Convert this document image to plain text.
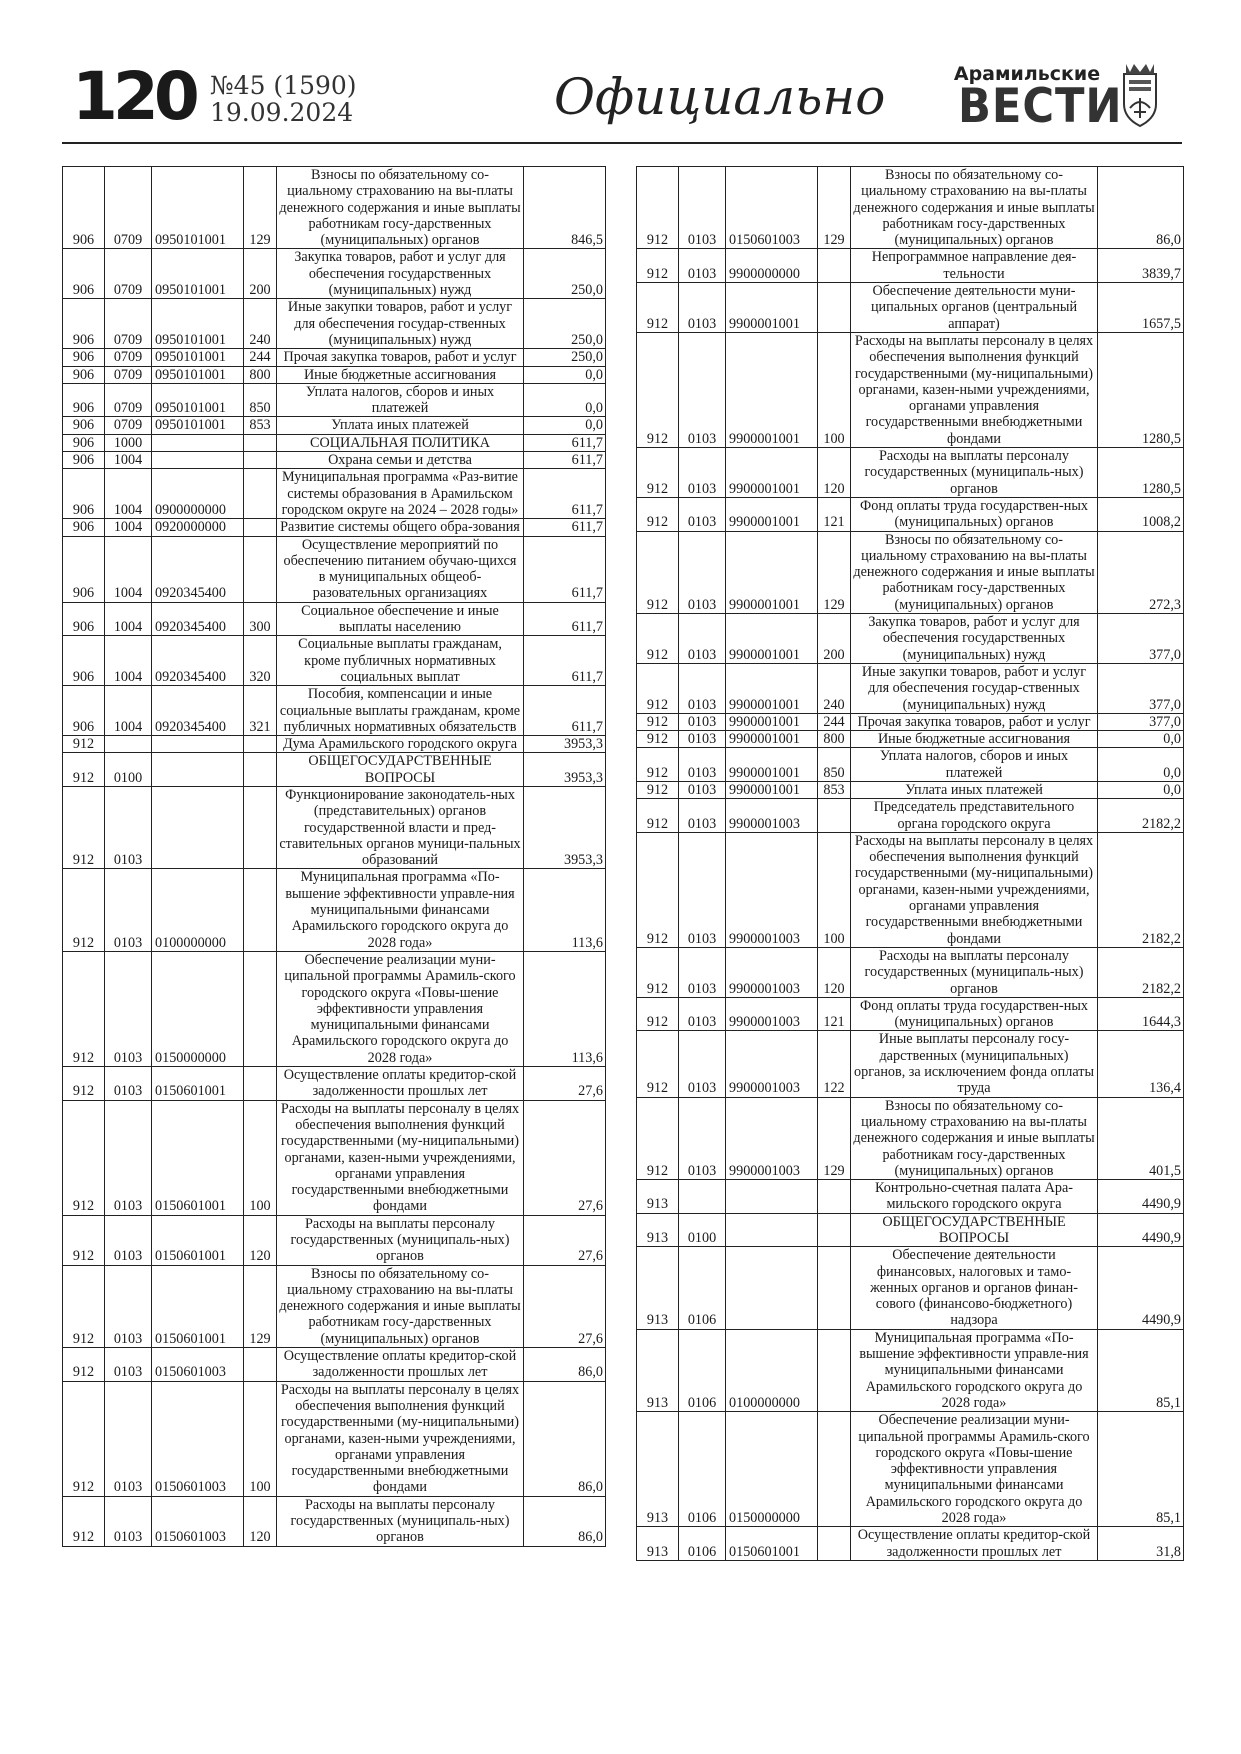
120 №45 (1590)
19.09.2024	Официально	Арамильские
ВЕСТИ
906	0709	0950101001	129	Взносы по обязательному со-циальному страхованию на вы-платы денежного содержания и иные выплаты работникам госу-дарственных (муниципальных) органов	846,5
906	0709	0950101001	200	Закупка товаров, работ и услуг для обеспечения государственных (муниципальных) нужд	250,0
906	0709	0950101001	240	Иные закупки товаров, работ и услуг для обеспечения государ-ственных (муниципальных) нужд	250,0
906	0709	0950101001	244	Прочая закупка товаров, работ и услуг	250,0
906	0709	0950101001	800	Иные бюджетные ассигнования	0,0
906	0709	0950101001	850	Уплата налогов, сборов и иных платежей	0,0
906	0709	0950101001	853	Уплата иных платежей	0,0
906	1000			СОЦИАЛЬНАЯ ПОЛИТИКА	611,7
906	1004			Охрана семьи и детства	611,7
906	1004	0900000000		Муниципальная программа «Раз-витие системы образования в Арамильском городском округе на 2024 – 2028 годы»	611,7
906	1004	0920000000		Развитие системы общего обра-зования	611,7
906	1004	0920345400		Осуществление мероприятий по обеспечению питанием обучаю-щихся в муниципальных общеоб-разовательных организациях	611,7
906	1004	0920345400	300	Социальное обеспечение и иные выплаты населению	611,7
906	1004	0920345400	320	Социальные выплаты гражданам, кроме публичных нормативных социальных выплат	611,7
906	1004	0920345400	321	Пособия, компенсации и иные социальные выплаты гражданам, кроме публичных нормативных обязательств	611,7
912				Дума Арамильского городского округа	3953,3
912	0100			ОБЩЕГОСУДАРСТВЕННЫЕ ВОПРОСЫ	3953,3
912	0103			Функционирование законодатель-ных (представительных) органов государственной власти и пред-ставительных органов муници-пальных образований	3953,3
912	0103	0100000000		Муниципальная программа «По-вышение эффективности управле-ния муниципальными финансами Арамильского городского округа до 2028 года»	113,6
912	0103	0150000000		Обеспечение реализации муни-ципальной программы Арамиль-ского городского округа «Повы-шение эффективности управления муниципальными финансами Арамильского городского округа до 2028 года»	113,6
912	0103	0150601001		Осуществление оплаты кредитор-ской задолженности прошлых лет	27,6
912	0103	0150601001	100	Расходы на выплаты персоналу в целях обеспечения выполнения функций государственными (му-ниципальными) органами, казен-ными учреждениями, органами управления государственными внебюджетными фондами	27,6
912	0103	0150601001	120	Расходы на выплаты персоналу государственных (муниципаль-ных) органов	27,6
912	0103	0150601001	129	Взносы по обязательному со-циальному страхованию на вы-платы денежного содержания и иные выплаты работникам госу-дарственных (муниципальных) органов	27,6
912	0103	0150601003		Осуществление оплаты кредитор-ской задолженности прошлых лет	86,0
912	0103	0150601003	100	Расходы на выплаты персоналу в целях обеспечения выполнения функций государственными (му-ниципальными) органами, казен-ными учреждениями, органами управления государственными внебюджетными фондами	86,0
912	0103	0150601003	120	Расходы на выплаты персоналу государственных (муниципаль-ных) органов	86,0
912	0103	0150601003	129	Взносы по обязательному со-циальному страхованию на вы-платы денежного содержания и иные выплаты работникам госу-дарственных (муниципальных) органов	86,0
912	0103	9900000000		Непрограммное направление дея-тельности	3839,7
912	0103	9900001001		Обеспечение деятельности муни-ципальных органов (центральный аппарат)	1657,5
912	0103	9900001001	100	Расходы на выплаты персоналу в целях обеспечения выполнения функций государственными (му-ниципальными) органами, казен-ными учреждениями, органами управления государственными внебюджетными фондами	1280,5
912	0103	9900001001	120	Расходы на выплаты персоналу государственных (муниципаль-ных) органов	1280,5
912	0103	9900001001	121	Фонд оплаты труда государствен-ных (муниципальных) органов	1008,2
912	0103	9900001001	129	Взносы по обязательному со-циальному страхованию на вы-платы денежного содержания и иные выплаты работникам госу-дарственных (муниципальных) органов	272,3
912	0103	9900001001	200	Закупка товаров, работ и услуг для обеспечения государственных (муниципальных) нужд	377,0
912	0103	9900001001	240	Иные закупки товаров, работ и услуг для обеспечения государ-ственных (муниципальных) нужд	377,0
912	0103	9900001001	244	Прочая закупка товаров, работ и услуг	377,0
912	0103	9900001001	800	Иные бюджетные ассигнования	0,0
912	0103	9900001001	850	Уплата налогов, сборов и иных платежей	0,0
912	0103	9900001001	853	Уплата иных платежей	0,0
912	0103	9900001003		Председатель представительного органа городского округа	2182,2
912	0103	9900001003	100	Расходы на выплаты персоналу в целях обеспечения выполнения функций государственными (му-ниципальными) органами, казен-ными учреждениями, органами управления государственными внебюджетными фондами	2182,2
912	0103	9900001003	120	Расходы на выплаты персоналу государственных (муниципаль-ных) органов	2182,2
912	0103	9900001003	121	Фонд оплаты труда государствен-ных (муниципальных) органов	1644,3
912	0103	9900001003	122	Иные выплаты персоналу госу-дарственных (муниципальных) органов, за исключением фонда оплаты труда	136,4
912	0103	9900001003	129	Взносы по обязательному со-циальному страхованию на вы-платы денежного содержания и иные выплаты работникам госу-дарственных (муниципальных) органов	401,5
913				Контрольно-счетная палата Ара-мильского городского округа	4490,9
913	0100			ОБЩЕГОСУДАРСТВЕННЫЕ ВОПРОСЫ	4490,9
913	0106			Обеспечение деятельности финансовых, налоговых и тамо-женных органов и органов финан-сового (финансово-бюджетного) надзора	4490,9
913	0106	0100000000		Муниципальная программа «По-вышение эффективности управле-ния муниципальными финансами Арамильского городского округа до 2028 года»	85,1
913	0106	0150000000		Обеспечение реализации муни-ципальной программы Арамиль-ского городского округа «Повы-шение эффективности управления муниципальными финансами Арамильского городского округа до 2028 года»	85,1
913	0106	0150601001		Осуществление оплаты кредитор-ской задолженности прошлых лет	31,8
